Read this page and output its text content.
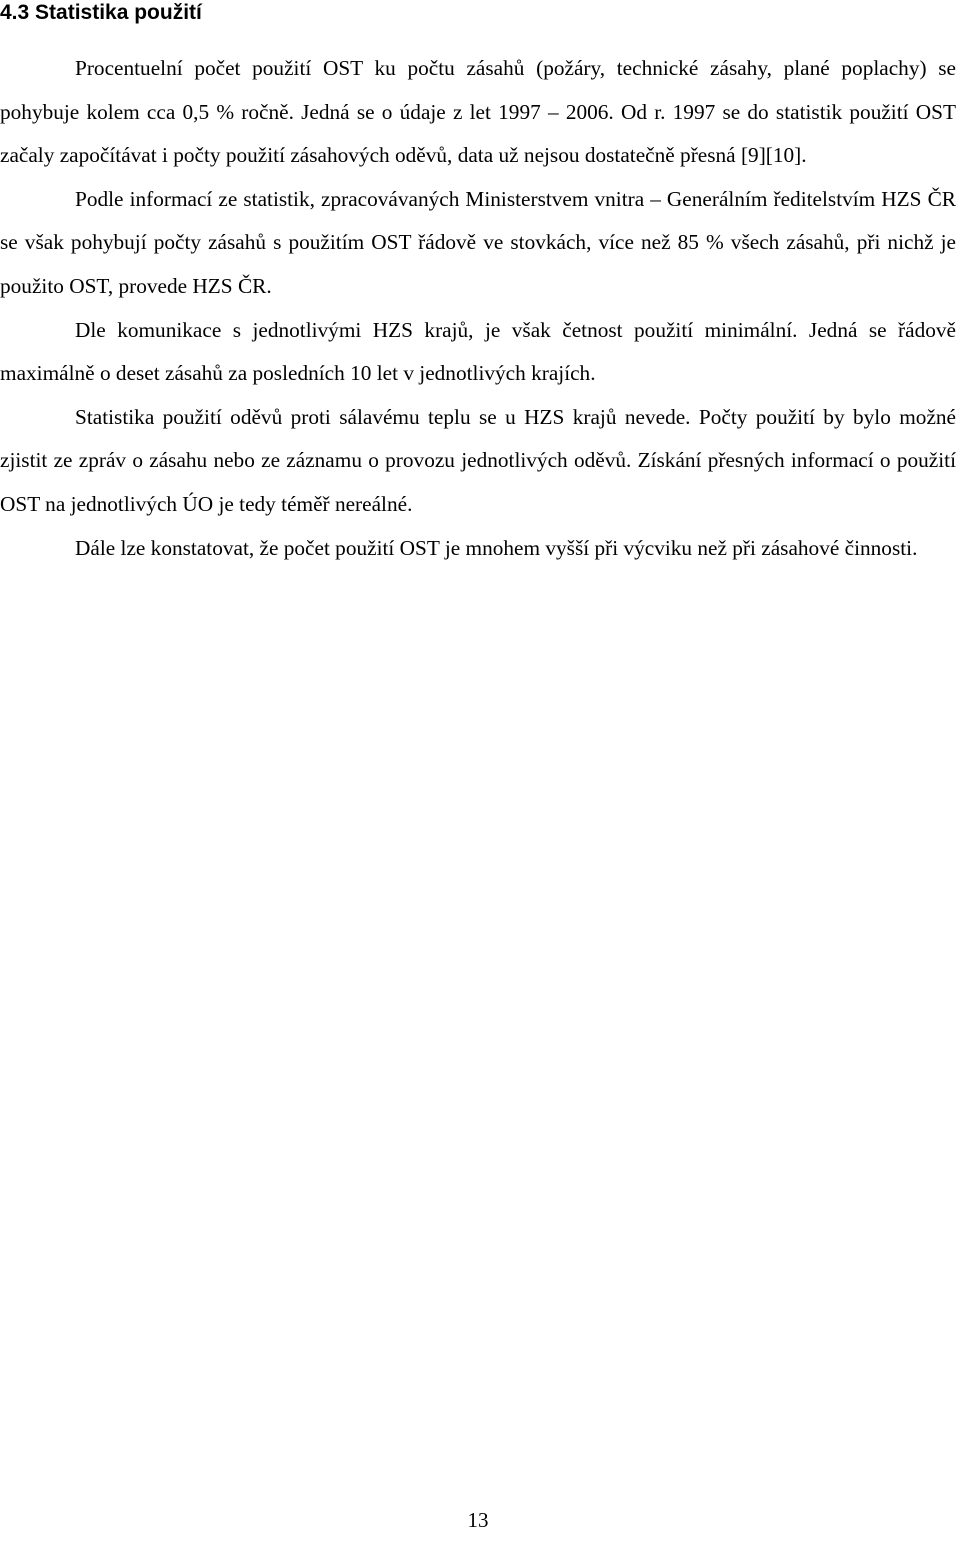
4.3 Statistika použití

Procentuelní počet použití OST ku počtu zásahů (požáry, technické zásahy, plané poplachy) se pohybuje kolem cca 0,5 % ročně. Jedná se o údaje z let 1997 – 2006. Od r. 1997 se do statistik použití OST začaly započítávat i počty použití zásahových oděvů, data už nejsou dostatečně přesná [9][10].

Podle informací ze statistik, zpracovávaných Ministerstvem vnitra – Generálním ředitelstvím HZS ČR se však pohybují počty zásahů s použitím OST řádově ve stovkách, více než 85 % všech zásahů, při nichž je použito OST, provede HZS ČR.

Dle komunikace s jednotlivými HZS krajů, je však četnost použití minimální. Jedná se řádově maximálně o deset zásahů za posledních 10 let v jednotlivých krajích.

Statistika použití oděvů proti sálavému teplu se u HZS krajů nevede. Počty použití by bylo možné zjistit ze zpráv o zásahu nebo ze záznamu o provozu jednotlivých oděvů. Získání přesných informací o použití OST na jednotlivých ÚO je tedy téměř nereálné.

Dále lze konstatovat, že počet použití OST je mnohem vyšší při výcviku než při zásahové činnosti.

13
